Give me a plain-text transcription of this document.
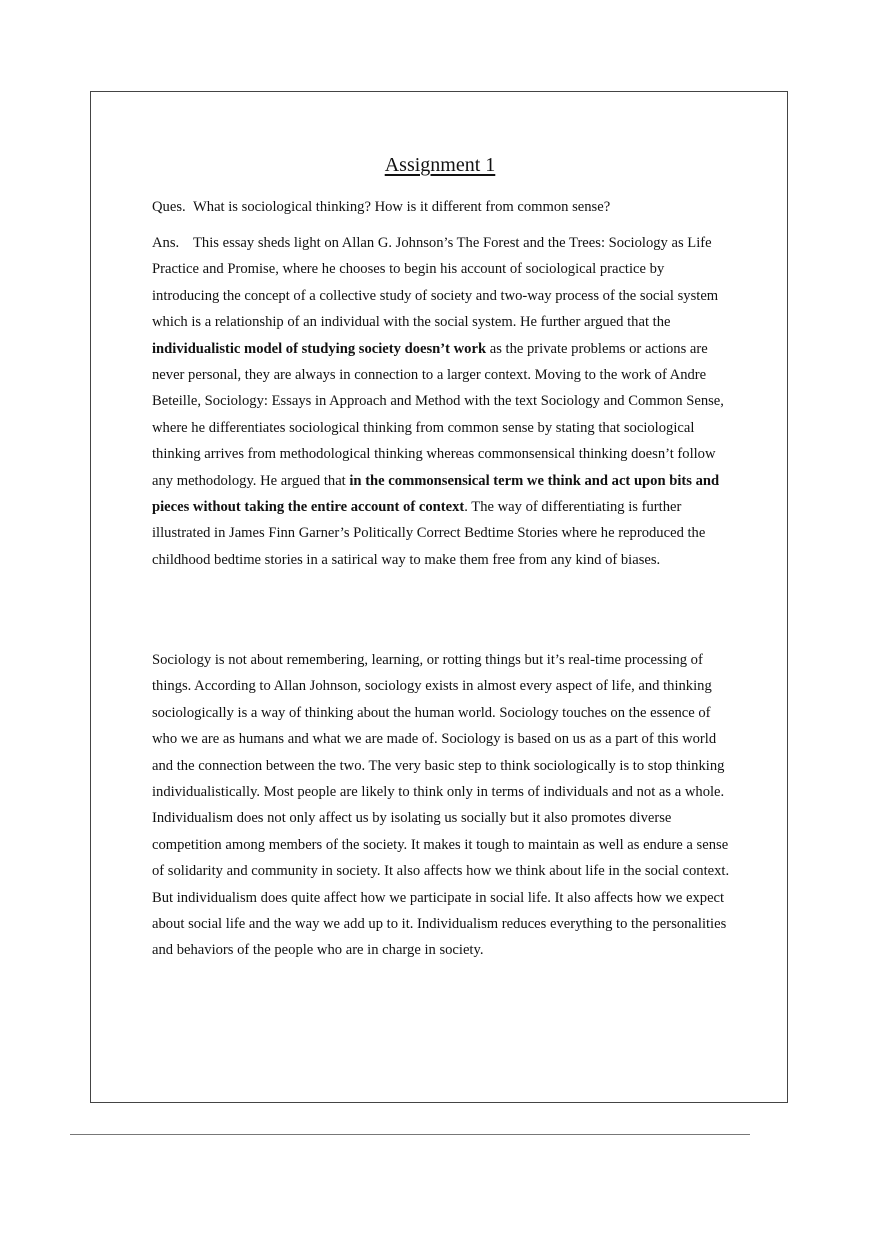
Assignment 1

Ques. What is sociological thinking? How is it different from common sense?

Ans. This essay sheds light on Allan G. Johnson’s The Forest and the Trees: Sociology as Life Practice and Promise, where he chooses to begin his account of sociological practice by introducing the concept of a collective study of society and two-way process of the social system which is a relationship of an individual with the social system. He further argued that the individualistic model of studying society doesn’t work as the private problems or actions are never personal, they are always in connection to a larger context. Moving to the work of Andre Beteille, Sociology: Essays in Approach and Method with the text Sociology and Common Sense, where he differentiates sociological thinking from common sense by stating that sociological thinking arrives from methodological thinking whereas commonsensical thinking doesn’t follow any methodology. He argued that in the commonsensical term we think and act upon bits and pieces without taking the entire account of context. The way of differentiating is further illustrated in James Finn Garner’s Politically Correct Bedtime Stories where he reproduced the childhood bedtime stories in a satirical way to make them free from any kind of biases.

Sociology is not about remembering, learning, or rotting things but it’s real-time processing of things. According to Allan Johnson, sociology exists in almost every aspect of life, and thinking sociologically is a way of thinking about the human world. Sociology touches on the essence of who we are as humans and what we are made of. Sociology is based on us as a part of this world and the connection between the two. The very basic step to think sociologically is to stop thinking individualistically. Most people are likely to think only in terms of individuals and not as a whole. Individualism does not only affect us by isolating us socially but it also promotes diverse competition among members of the society. It makes it tough to maintain as well as endure a sense of solidarity and community in society. It also affects how we think about life in the social context. But individualism does quite affect how we participate in social life. It also affects how we expect about social life and the way we add up to it. Individualism reduces everything to the personalities and behaviors of the people who are in charge in society.
